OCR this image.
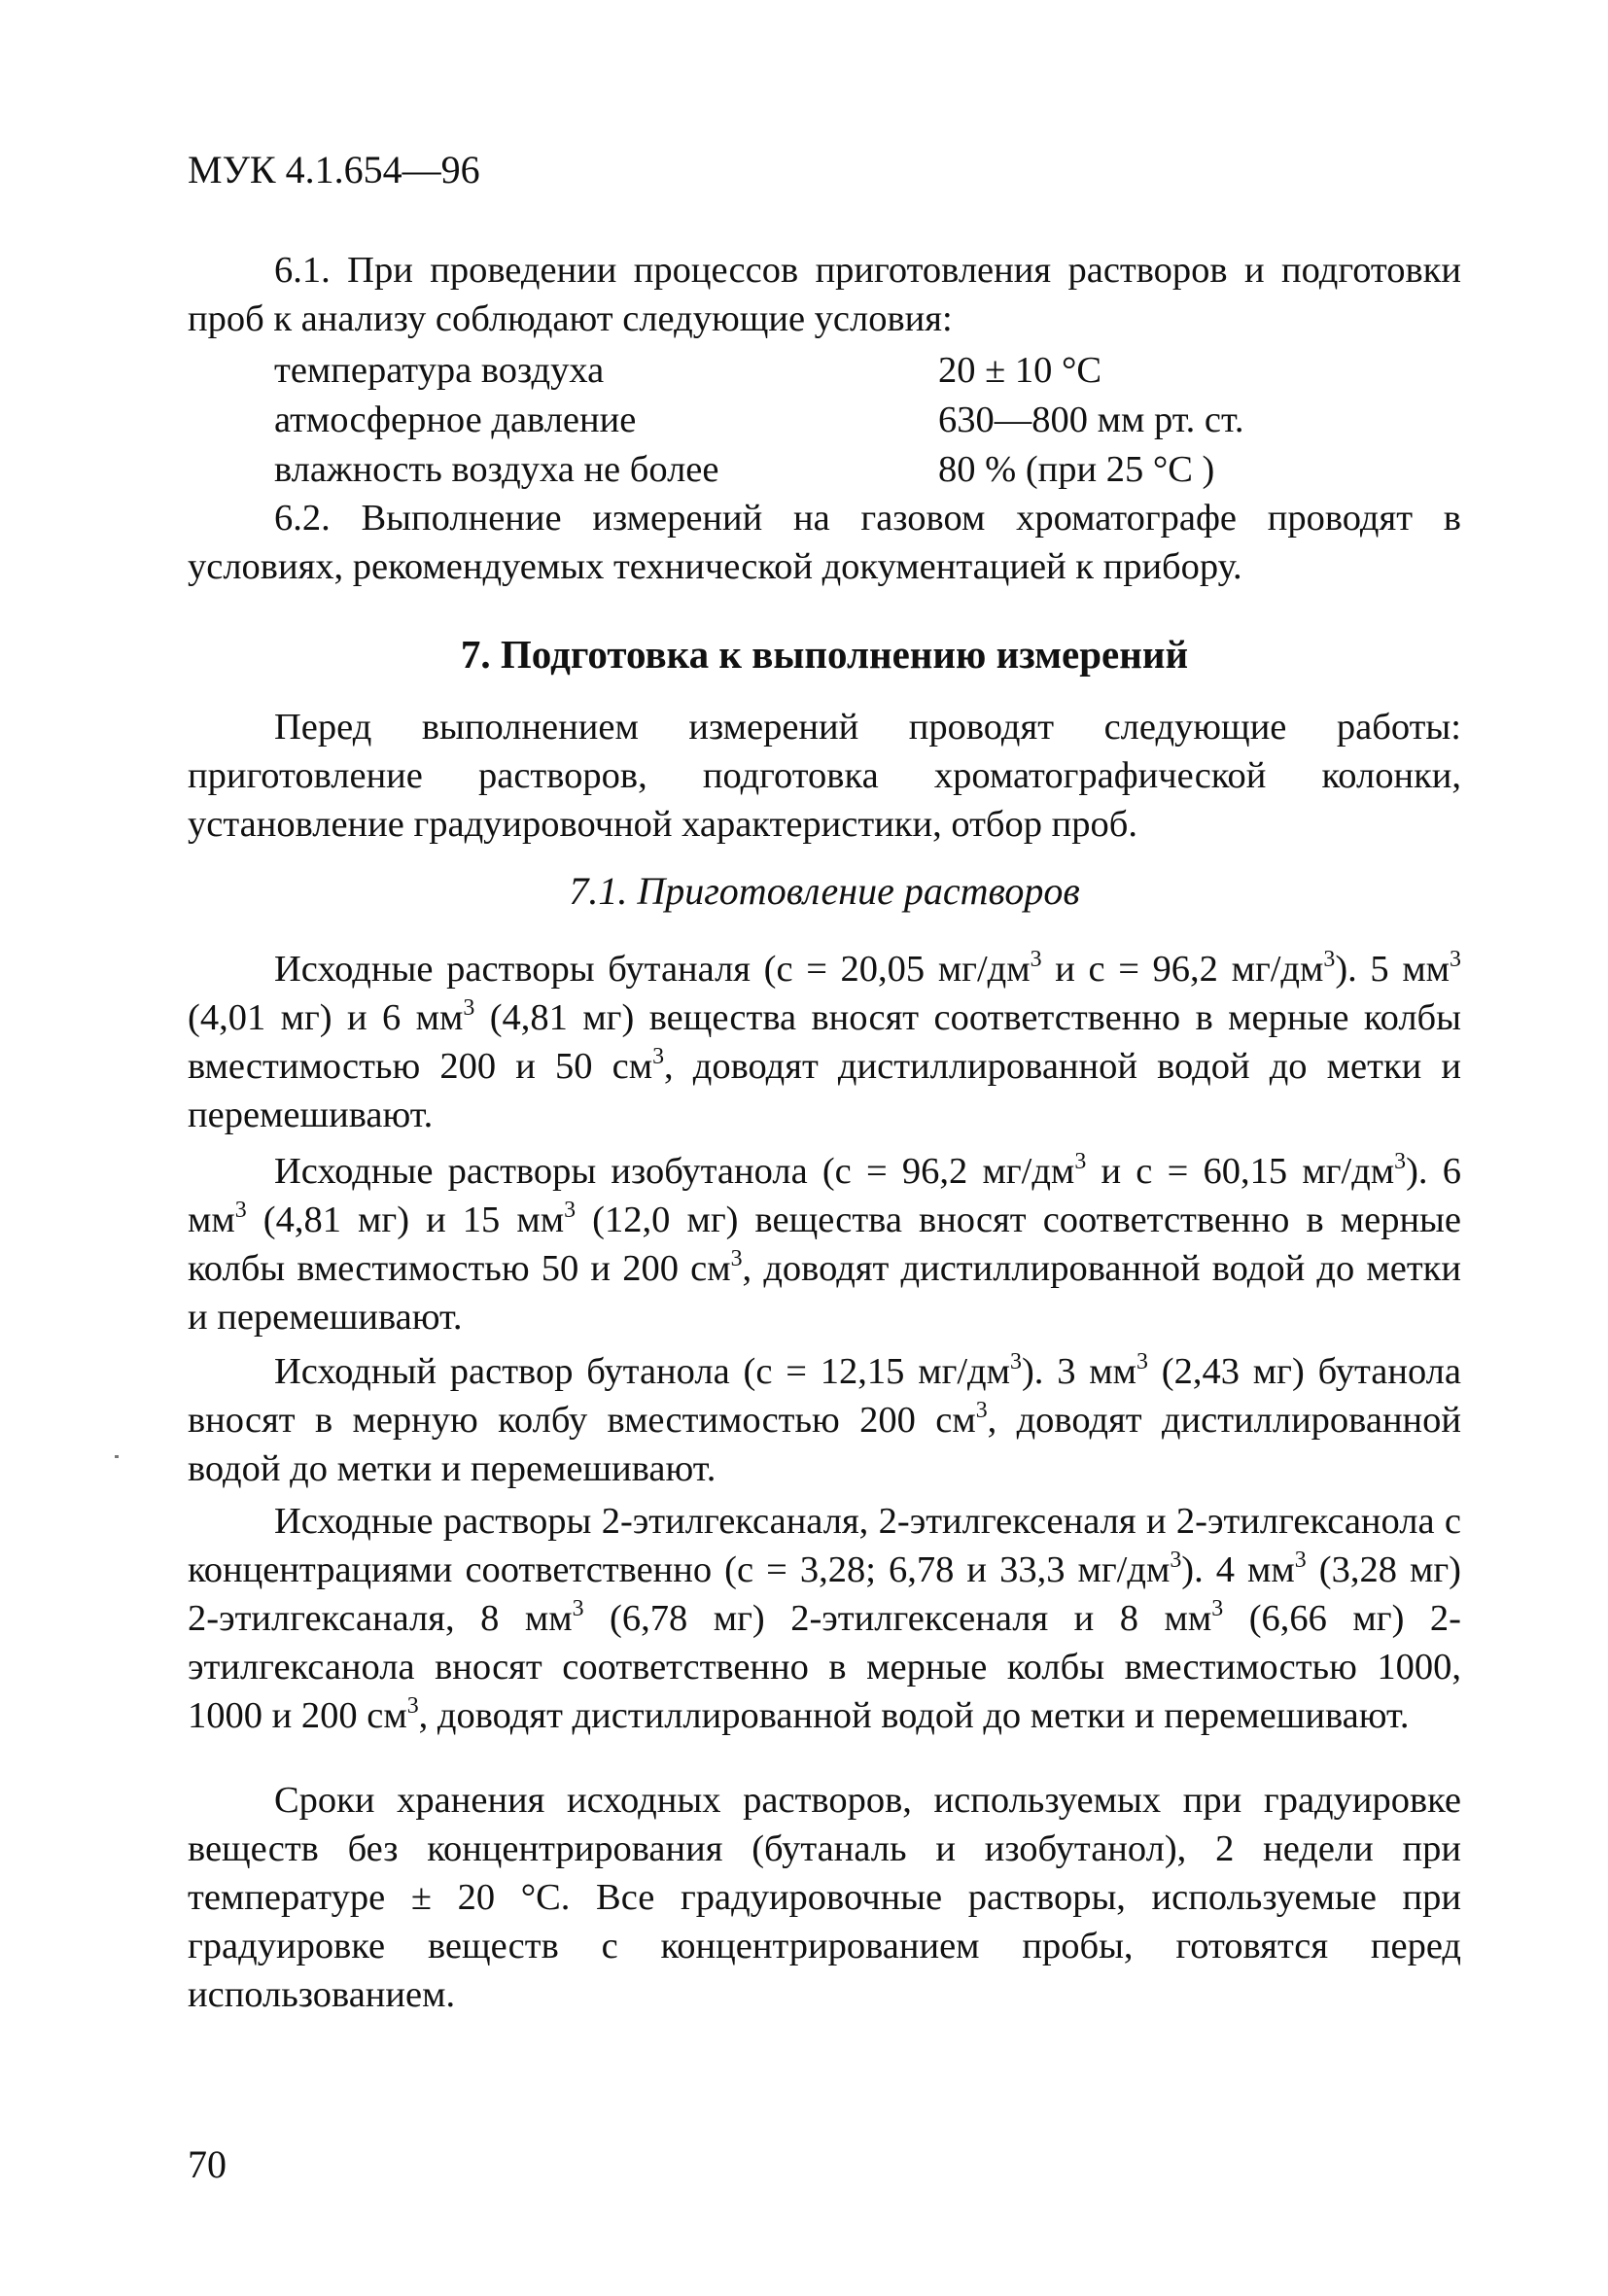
МУК 4.1.654—96

6.1. При проведении процессов приготовления растворов и подготовки проб к анализу соблюдают следующие условия:

температура воздуха	20 ± 10 °С
атмосферное давление	630—800 мм рт. ст.
влажность воздуха не более	80 % (при 25 °С )

6.2. Выполнение измерений на газовом хроматографе проводят в условиях, рекомендуемых технической документацией к прибору.

7. Подготовка к выполнению измерений

Перед выполнением измерений проводят следующие работы: приготовление растворов, подготовка хроматографической колонки, установление градуировочной характеристики, отбор проб.

7.1. Приготовление растворов

Исходные растворы бутаналя (с = 20,05 $мг/дм^3$ и с = 96,2 $мг/дм^3$). 5 $мм^3$ (4,01 мг) и 6 $мм^3$ (4,81 мг) вещества вносят соответственно в мерные колбы вместимостью 200 и 50 $см^3$, доводят дистиллированной водой до метки и перемешивают.

Исходные растворы изобутанола (с = 96,2 $мг/дм^3$ и с = 60,15 $мг/дм^3$). 6 $мм^3$ (4,81 мг) и 15 $мм^3$ (12,0 мг) вещества вносят соответственно в мерные колбы вместимостью 50 и 200 $см^3$, доводят дистиллированной водой до метки и перемешивают.

Исходный раствор бутанола (с = 12,15 $мг/дм^3$). 3 $мм^3$ (2,43 мг) бутанола вносят в мерную колбу вместимостью 200 $см^3$, доводят дистиллированной водой до метки и перемешивают.

Исходные растворы 2-этилгексаналя, 2-этилгексеналя и 2-этилгексанола с концентрациями соответственно (с = 3,28; 6,78 и 33,3 $мг/дм^3$). 4 $мм^3$ (3,28 мг) 2-этилгексаналя, 8 $мм^3$ (6,78 мг) 2-этилгексеналя и 8 $мм^3$ (6,66 мг) 2-этилгексанола вносят соответственно в мерные колбы вместимостью 1000, 1000 и 200 $см^3$, доводят дистиллированной водой до метки и перемешивают.

Сроки хранения исходных растворов, используемых при градуировке веществ без концентрирования (бутаналь и изобутанол), 2 недели при температуре ± 20 °С. Все градуировочные растворы, используемые при градуировке веществ с концентрированием пробы, готовятся перед использованием.

70
